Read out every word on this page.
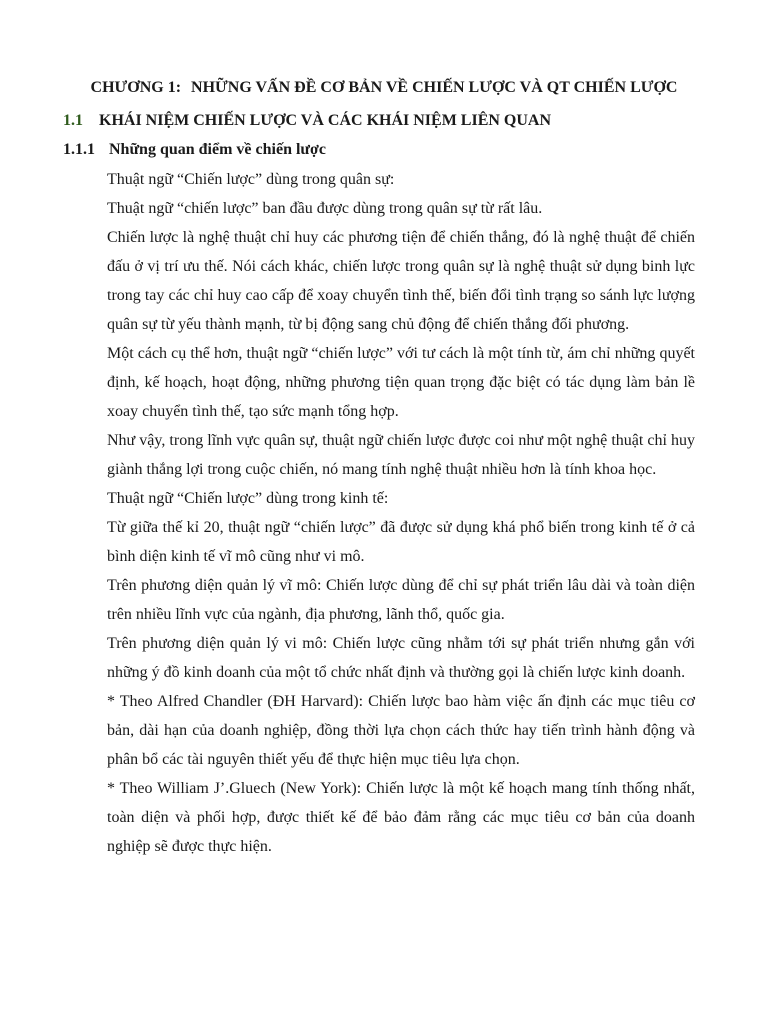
CHƯƠNG 1: NHỮNG VẤN ĐỀ CƠ BẢN VỀ CHIẾN LƯỢC VÀ QT CHIẾN LƯỢC
1.1 KHÁI NIỆM CHIẾN LƯỢC VÀ CÁC KHÁI NIỆM LIÊN QUAN
1.1.1 Những quan điểm về chiến lược

Thuật ngữ “Chiến lược” dùng trong quân sự:

Thuật ngữ “chiến lược” ban đầu được dùng trong quân sự từ rất lâu.

Chiến lược là nghệ thuật chỉ huy các phương tiện để chiến thắng, đó là nghệ thuật để chiến đấu ở vị trí ưu thế. Nói cách khác, chiến lược trong quân sự là nghệ thuật sử dụng binh lực trong tay các chỉ huy cao cấp để xoay chuyển tình thế, biến đổi tình trạng so sánh lực lượng quân sự từ yếu thành mạnh, từ bị động sang chủ động để chiến thắng đối phương.

Một cách cụ thể hơn, thuật ngữ “chiến lược” với tư cách là một tính từ, ám chỉ những quyết định, kế hoạch, hoạt động, những phương tiện quan trọng đặc biệt có tác dụng làm bản lề xoay chuyển tình thế, tạo sức mạnh tổng hợp.

Như vậy, trong lĩnh vực quân sự, thuật ngữ chiến lược được coi như một nghệ thuật chỉ huy giành thắng lợi trong cuộc chiến, nó mang tính nghệ thuật nhiều hơn là tính khoa học.

Thuật ngữ “Chiến lược” dùng trong kinh tế:

Từ giữa thế kỉ 20, thuật ngữ “chiến lược” đã được sử dụng khá phổ biến trong kinh tế ở cả bình diện kinh tế vĩ mô cũng như vi mô.

Trên phương diện quản lý vĩ mô: Chiến lược dùng để chỉ sự phát triển lâu dài và toàn diện trên nhiều lĩnh vực của ngành, địa phương, lãnh thổ, quốc gia.

Trên phương diện quản lý vi mô: Chiến lược cũng nhằm tới sự phát triển nhưng gắn với những ý đồ kinh doanh của một tổ chức nhất định và thường gọi là chiến lược kinh doanh.

* Theo Alfred Chandler (ĐH Harvard): Chiến lược bao hàm việc ấn định các mục tiêu cơ bản, dài hạn của doanh nghiệp, đồng thời lựa chọn cách thức hay tiến trình hành động và phân bổ các tài nguyên thiết yếu để thực hiện mục tiêu lựa chọn.

* Theo William J’.Gluech (New York): Chiến lược là một kế hoạch mang tính thống nhất, toàn diện và phối hợp, được thiết kế để bảo đảm rằng các mục tiêu cơ bản của doanh nghiệp sẽ được thực hiện.
